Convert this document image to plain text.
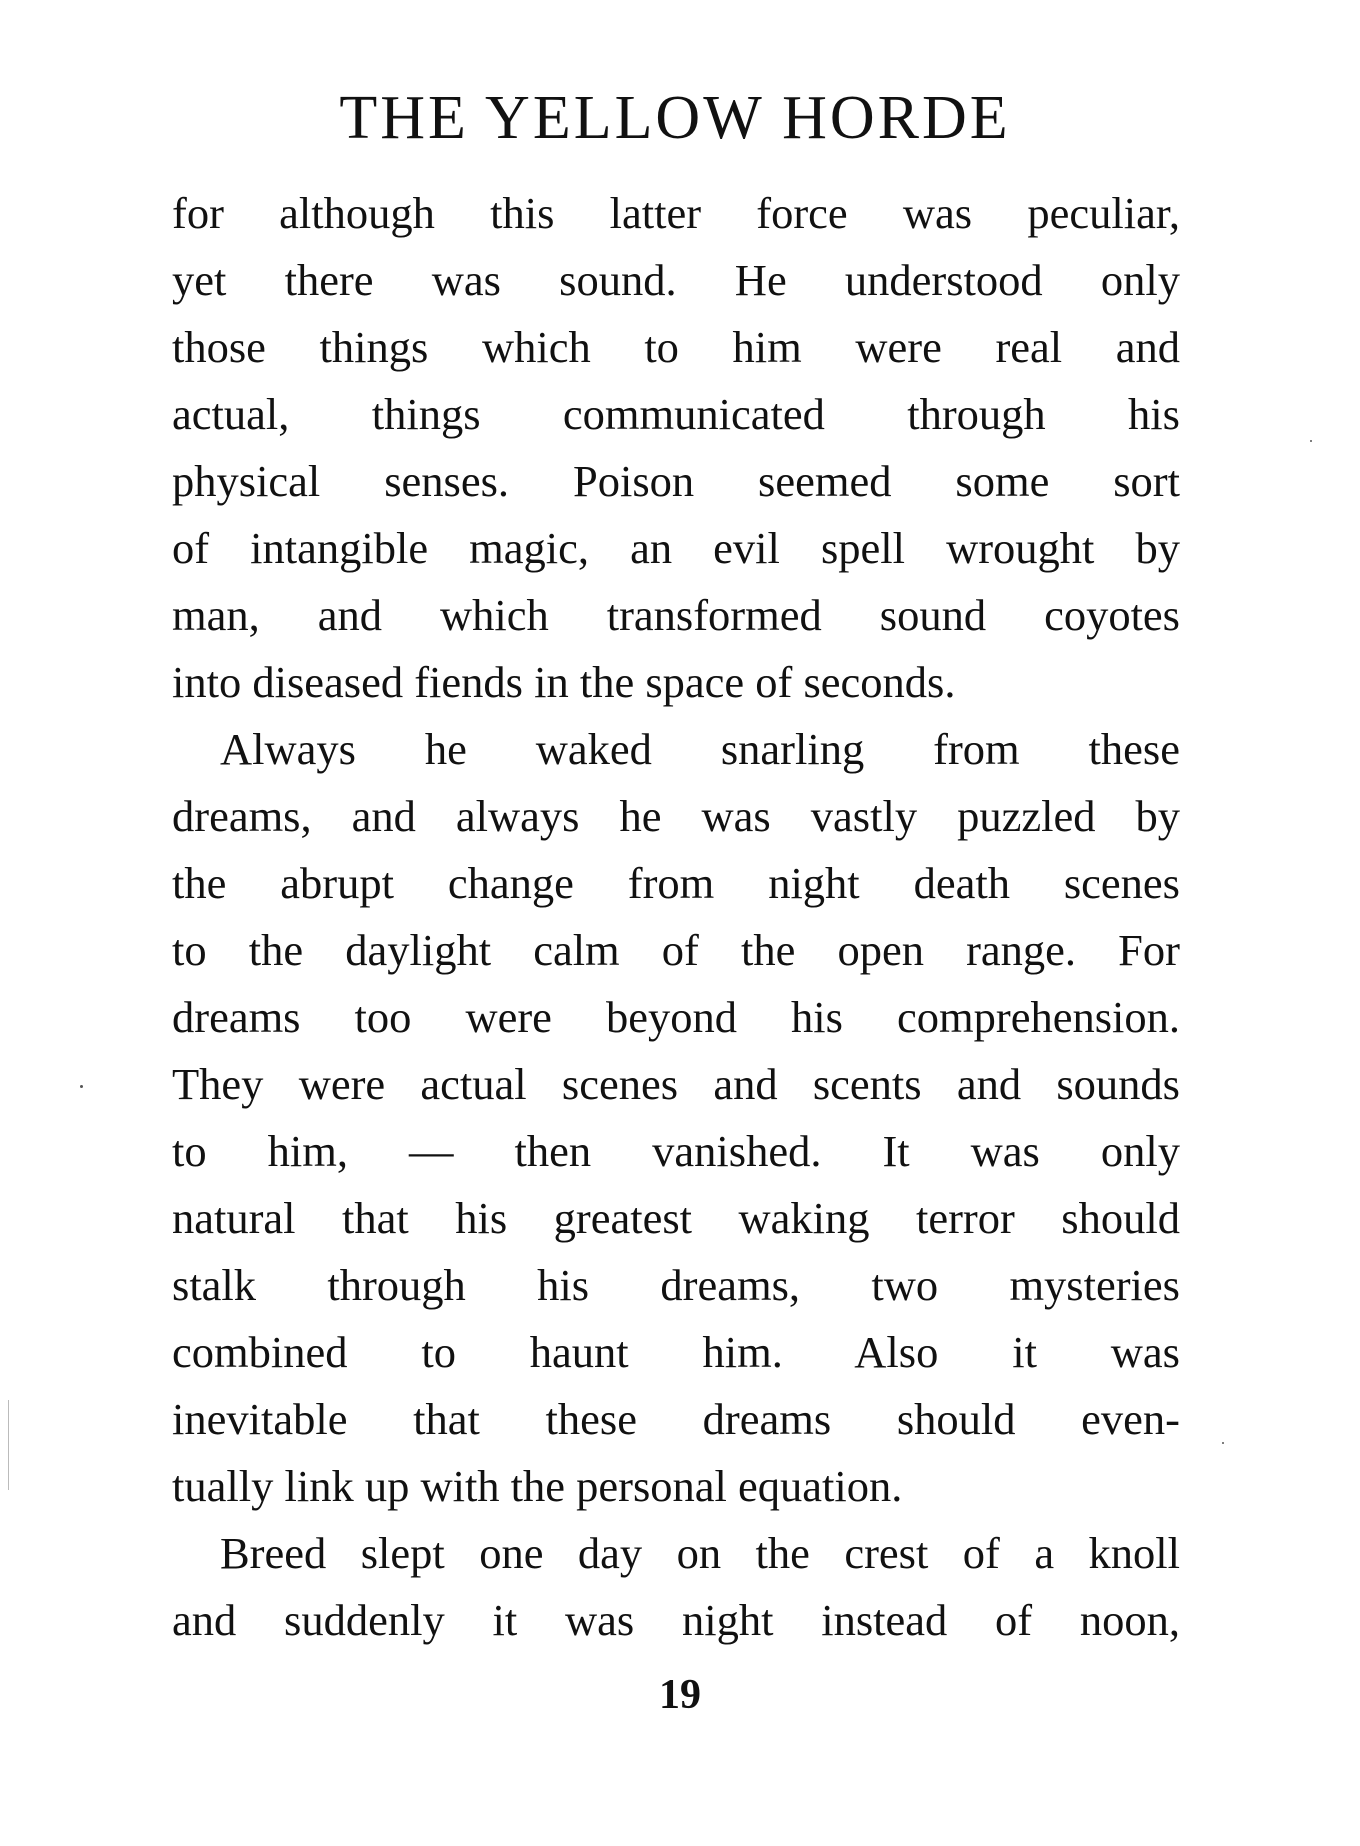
THE YELLOW HORDE
for although this latter force was peculiar,
yet there was sound. He understood only
those things which to him were real and
actual, things communicated through his
physical senses. Poison seemed some sort
of intangible magic, an evil spell wrought by
man, and which transformed sound coyotes
into diseased fiends in the space of seconds.
Always he waked snarling from these
dreams, and always he was vastly puzzled by
the abrupt change from night death scenes
to the daylight calm of the open range. For
dreams too were beyond his comprehension.
They were actual scenes and scents and sounds
to him, — then vanished. It was only
natural that his greatest waking terror should
stalk through his dreams, two mysteries
combined to haunt him. Also it was
inevitable that these dreams should even-
tually link up with the personal equation.
Breed slept one day on the crest of a knoll
and suddenly it was night instead of noon,
19
